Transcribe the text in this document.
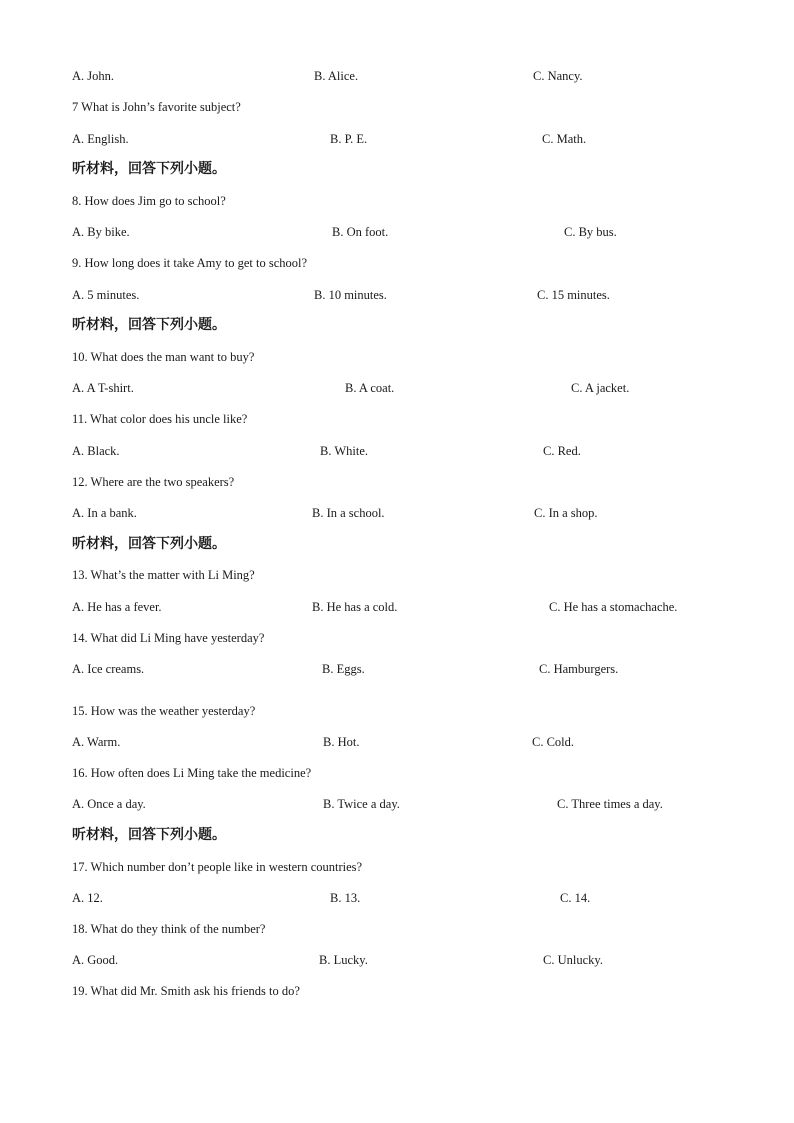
A. John.	B. Alice.	C. Nancy.

7 What is John’s favorite subject?

A. English.	B. P. E.	C. Math.

听材料，回答下列小题。

8. How does Jim go to school?

A. By bike.	B. On foot.	C. By bus.

9. How long does it take Amy to get to school?

A. 5 minutes.	B. 10 minutes.	C. 15 minutes.

听材料，回答下列小题。

10. What does the man want to buy?

A. A T-shirt.	B. A coat.	C. A jacket.

11. What color does his uncle like?

A. Black.	B. White.	C. Red.

12. Where are the two speakers?

A. In a bank.	B. In a school.	C. In a shop.

听材料，回答下列小题。

13. What’s the matter with Li Ming?

A. He has a fever.	B. He has a cold.	C. He has a stomachache.

14. What did Li Ming have yesterday?

A. Ice creams.	B. Eggs.	C. Hamburgers.

15. How was the weather yesterday?

A. Warm.	B. Hot.	C. Cold.

16. How often does Li Ming take the medicine?

A. Once a day.	B. Twice a day.	C. Three times a day.

听材料，回答下列小题。

17. Which number don’t people like in western countries?

A. 12.	B. 13.	C. 14.

18. What do they think of the number?

A. Good.	B. Lucky.	C. Unlucky.

19. What did Mr. Smith ask his friends to do?
